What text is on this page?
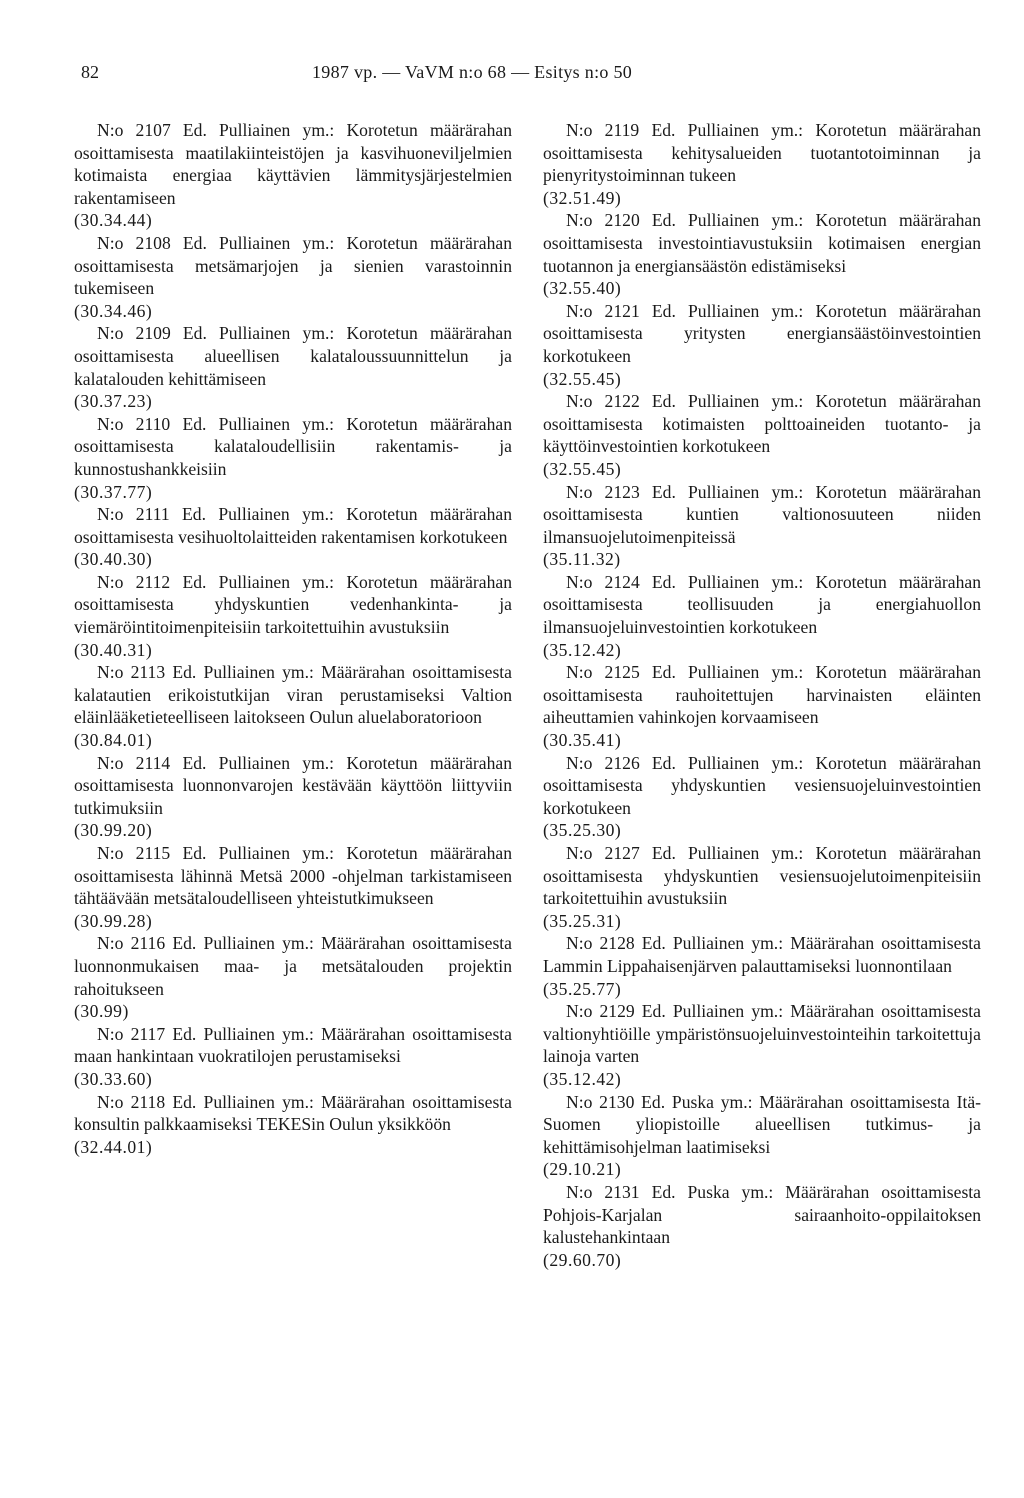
82	1987 vp. — VaVM n:o 68 — Esitys n:o 50

N:o 2107 Ed. Pulliainen ym.: Korotetun määrärahan osoittamisesta maatilakiinteistöjen ja kasvihuoneviljelmien kotimaista energiaa käyttävien lämmitysjärjestelmien rakentamiseen

(30.34.44)

N:o 2108 Ed. Pulliainen ym.: Korotetun määrärahan osoittamisesta metsämarjojen ja sienien varastoinnin tukemiseen

(30.34.46)

N:o 2109 Ed. Pulliainen ym.: Korotetun määrärahan osoittamisesta alueellisen kalataloussuunnittelun ja kalatalouden kehittämiseen

(30.37.23)

N:o 2110 Ed. Pulliainen ym.: Korotetun määrärahan osoittamisesta kalataloudellisiin rakentamis- ja kunnostushankkeisiin

(30.37.77)

N:o 2111 Ed. Pulliainen ym.: Korotetun määrärahan osoittamisesta vesihuoltolaitteiden rakentamisen korkotukeen

(30.40.30)

N:o 2112 Ed. Pulliainen ym.: Korotetun määrärahan osoittamisesta yhdyskuntien vedenhankinta- ja viemäröintitoimenpiteisiin tarkoitettuihin avustuksiin

(30.40.31)

N:o 2113 Ed. Pulliainen ym.: Määrärahan osoittamisesta kalatautien erikoistutkijan viran perustamiseksi Valtion eläinlääketieteelliseen laitokseen Oulun aluelaboratorioon

(30.84.01)

N:o 2114 Ed. Pulliainen ym.: Korotetun määrärahan osoittamisesta luonnonvarojen kestävään käyttöön liittyviin tutkimuksiin

(30.99.20)

N:o 2115 Ed. Pulliainen ym.: Korotetun määrärahan osoittamisesta lähinnä Metsä 2000 -ohjelman tarkistamiseen tähtäävään metsätaloudelliseen yhteistutkimukseen

(30.99.28)

N:o 2116 Ed. Pulliainen ym.: Määrärahan osoittamisesta luonnonmukaisen maa- ja metsätalouden projektin rahoitukseen

(30.99)

N:o 2117 Ed. Pulliainen ym.: Määrärahan osoittamisesta maan hankintaan vuokratilojen perustamiseksi

(30.33.60)

N:o 2118 Ed. Pulliainen ym.: Määrärahan osoittamisesta konsultin palkkaamiseksi TEKESin Oulun yksikköön

(32.44.01)

N:o 2119 Ed. Pulliainen ym.: Korotetun määrärahan osoittamisesta kehitysalueiden tuotantotoiminnan ja pienyritystoiminnan tukeen

(32.51.49)

N:o 2120 Ed. Pulliainen ym.: Korotetun määrärahan osoittamisesta investointiavustuksiin kotimaisen energian tuotannon ja energiansäästön edistämiseksi

(32.55.40)

N:o 2121 Ed. Pulliainen ym.: Korotetun määrärahan osoittamisesta yritysten energiansäästöinvestointien korkotukeen

(32.55.45)

N:o 2122 Ed. Pulliainen ym.: Korotetun määrärahan osoittamisesta kotimaisten polttoaineiden tuotanto- ja käyttöinvestointien korkotukeen

(32.55.45)

N:o 2123 Ed. Pulliainen ym.: Korotetun määrärahan osoittamisesta kuntien valtionosuuteen niiden ilmansuojelutoimenpiteissä

(35.11.32)

N:o 2124 Ed. Pulliainen ym.: Korotetun määrärahan osoittamisesta teollisuuden ja energiahuollon ilmansuojeluinvestointien korkotukeen

(35.12.42)

N:o 2125 Ed. Pulliainen ym.: Korotetun määrärahan osoittamisesta rauhoitettujen harvinaisten eläinten aiheuttamien vahinkojen korvaamiseen

(30.35.41)

N:o 2126 Ed. Pulliainen ym.: Korotetun määrärahan osoittamisesta yhdyskuntien vesiensuojeluinvestointien korkotukeen

(35.25.30)

N:o 2127 Ed. Pulliainen ym.: Korotetun määrärahan osoittamisesta yhdyskuntien vesiensuojelutoimenpiteisiin tarkoitettuihin avustuksiin

(35.25.31)

N:o 2128 Ed. Pulliainen ym.: Määrärahan osoittamisesta Lammin Lippahaisenjärven palauttamiseksi luonnontilaan

(35.25.77)

N:o 2129 Ed. Pulliainen ym.: Määrärahan osoittamisesta valtionyhtiöille ympäristönsuojeluinvestointeihin tarkoitettuja lainoja varten

(35.12.42)

N:o 2130 Ed. Puska ym.: Määrärahan osoittamisesta Itä-Suomen yliopistoille alueellisen tutkimus- ja kehittämisohjelman laatimiseksi

(29.10.21)

N:o 2131 Ed. Puska ym.: Määrärahan osoittamisesta Pohjois-Karjalan sairaanhoito-oppilaitoksen kalustehankintaan

(29.60.70)
